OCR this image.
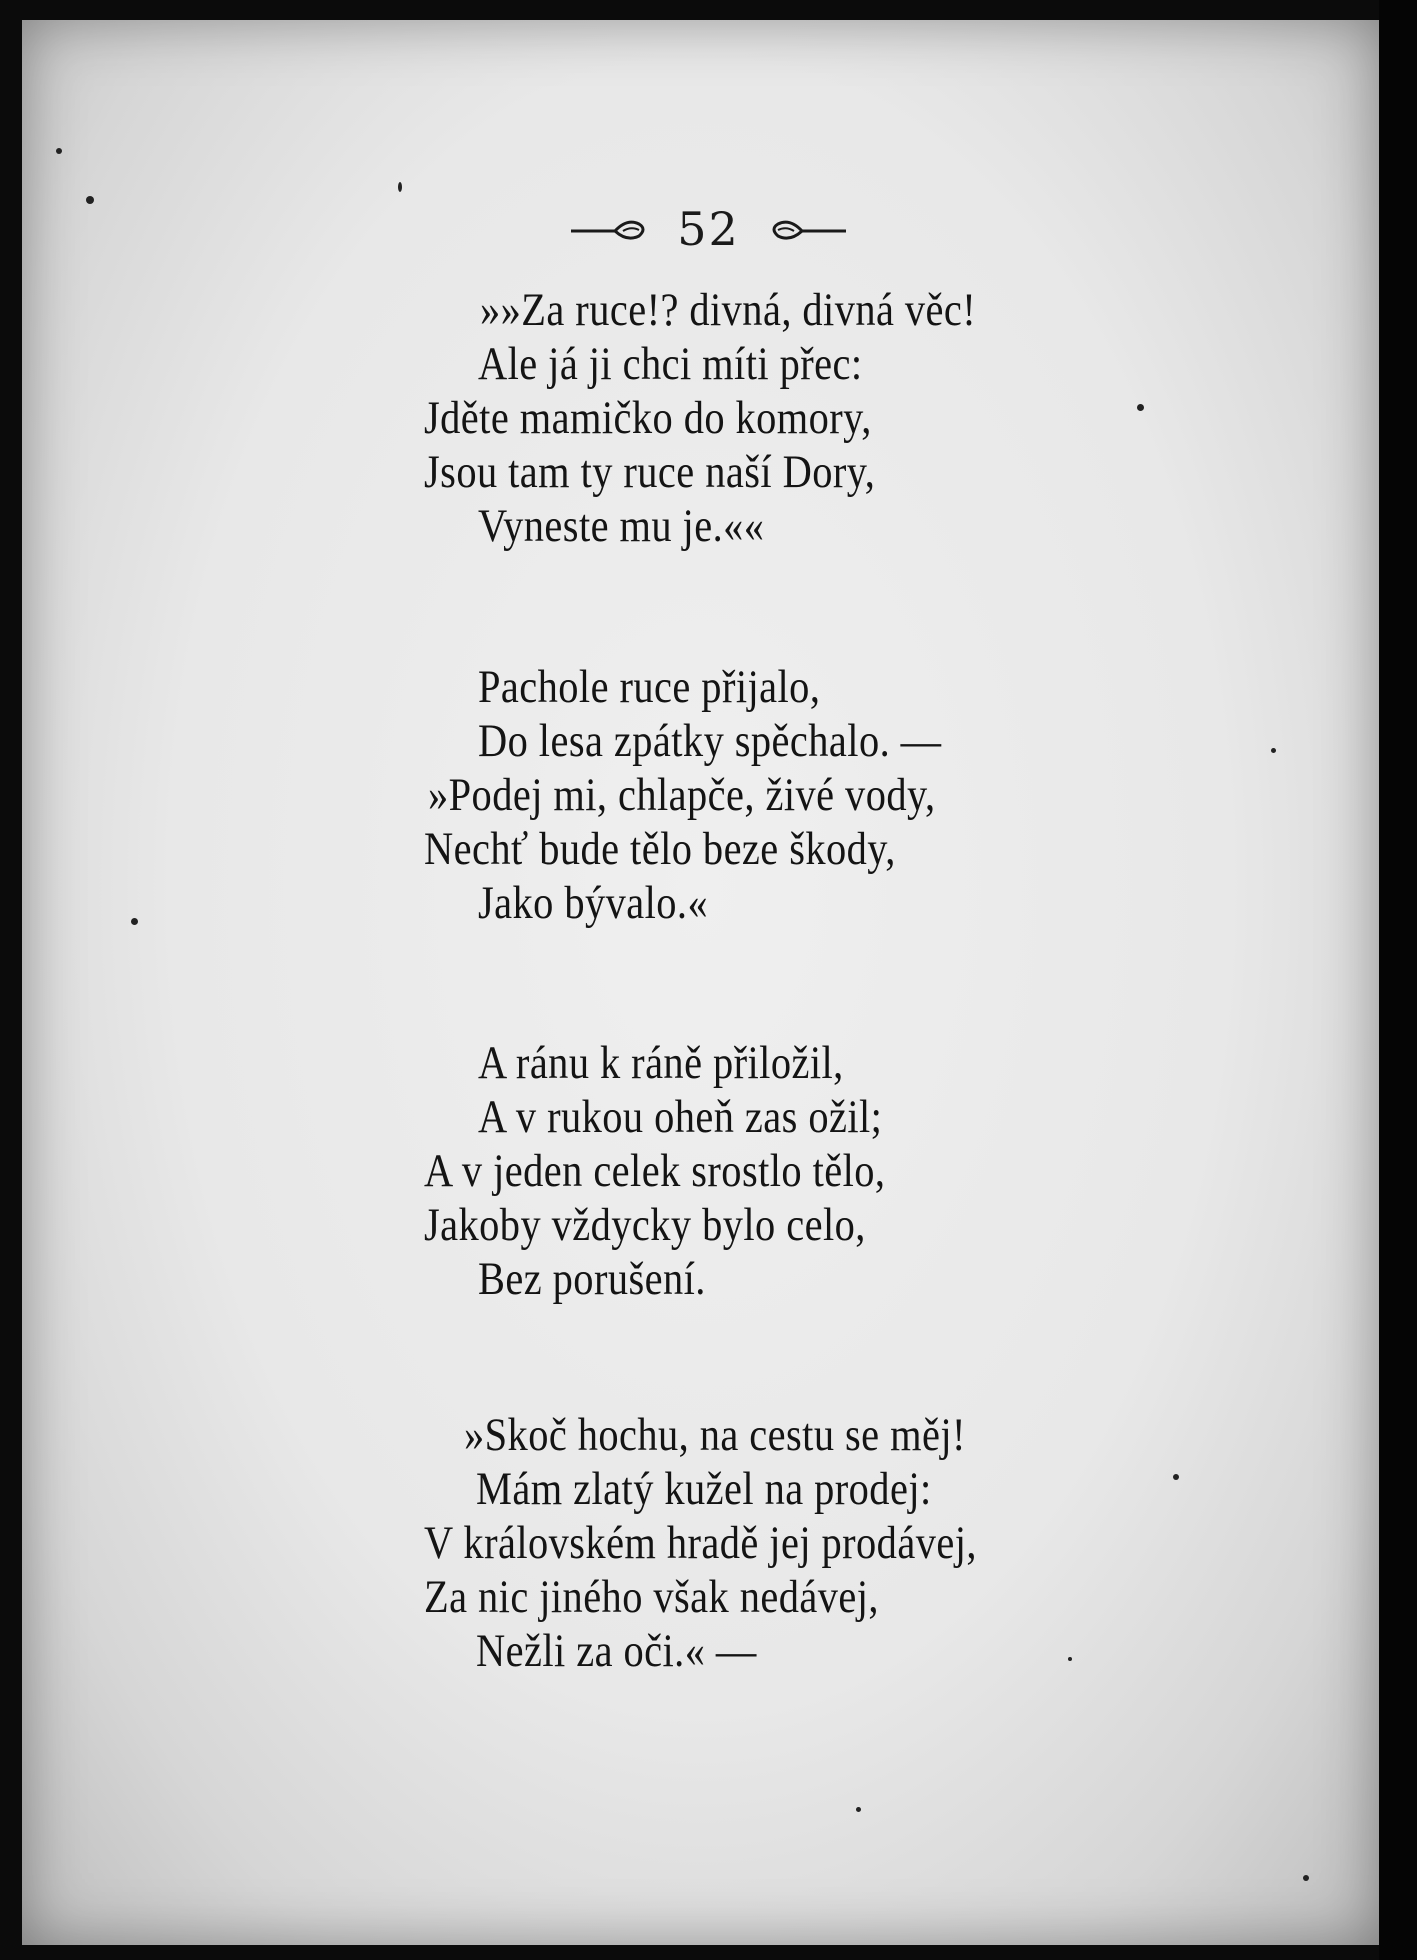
52
»»Za ruce!? divná, divná věc!
Ale já ji chci míti přec:
Jděte mamičko do komory,
Jsou tam ty ruce naší Dory,
Vyneste mu je.««
Pachole ruce přijalo,
Do lesa zpátky spěchalo. —
»Podej mi, chlapče, živé vody,
Nechť bude tělo beze škody,
Jako bývalo.«
A ránu k ráně přiložil,
A v rukou oheň zas ožil;
A v jeden celek srostlo tělo,
Jakoby vždycky bylo celo,
Bez porušení.
»Skoč hochu, na cestu se měj!
Mám zlatý kužel na prodej:
V královském hradě jej prodávej,
Za nic jiného však nedávej,
Nežli za oči.« —
